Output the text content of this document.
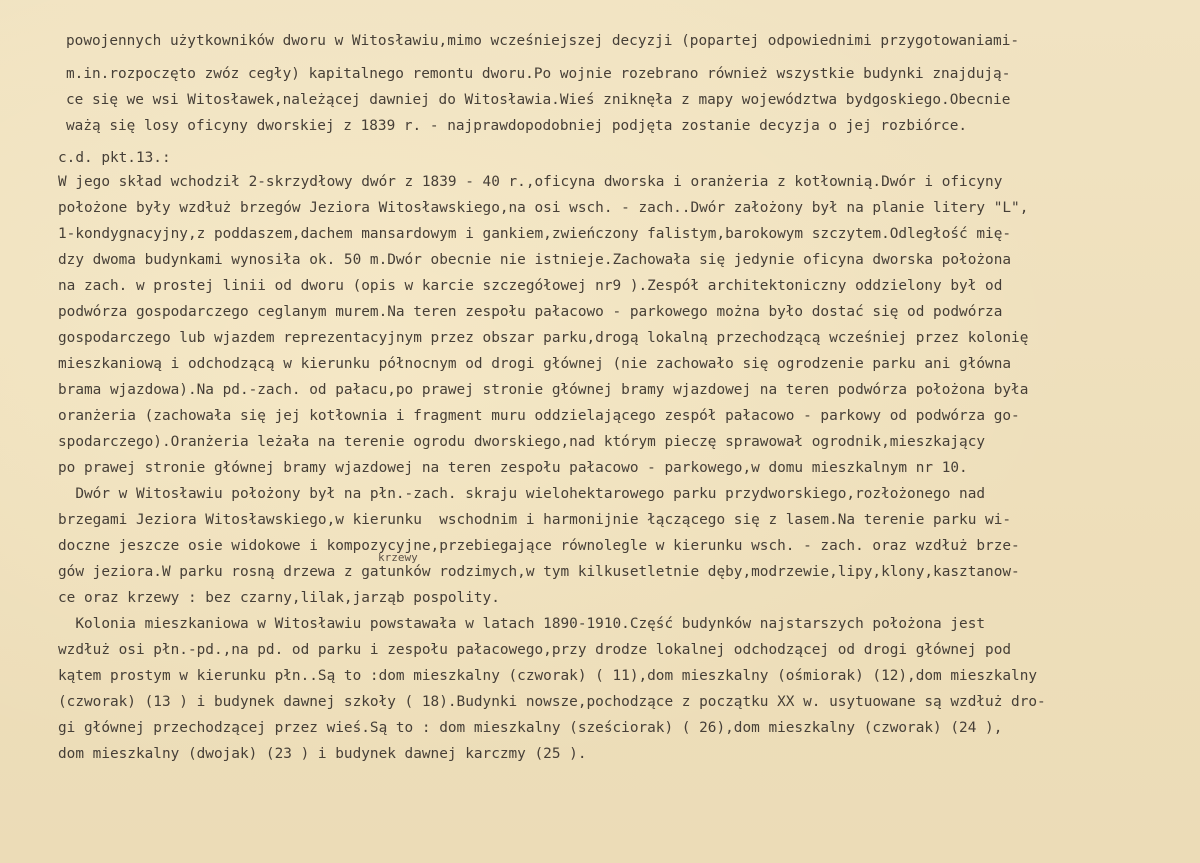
powojennych użytkowników dworu w Witosławiu,mimo wcześniejszej decyzji (popartej odpowiednimi przygotowaniami-
m.in.rozpoczęto zwóz cegły) kapitalnego remontu dworu.Po wojnie rozebrano również wszystkie budynki znajdują-
ce się we wsi Witosławek,należącej dawniej do Witosławia.Wieś zniknęła z mapy województwa bydgoskiego.Obecnie
ważą się losy oficyny dworskiej z 1839 r. - najprawdopodobniej podjęta zostanie decyzja o jej rozbiórce.
c.d. pkt.13.:
W jego skład wchodził 2-skrzydłowy dwór z 1839 - 40 r.,oficyna dworska i oranżeria z kotłownią.Dwór i oficyny
położone były wzdłuż brzegów Jeziora Witosławskiego,na osi wsch. - zach..Dwór założony był na planie litery "L",
1-kondygnacyjny,z poddaszem,dachem mansardowym i gankiem,zwieńczony falistym,barokowym szczytem.Odległość mię-
dzy dwoma budynkami wynosiła ok. 50 m.Dwór obecnie nie istnieje.Zachowała się jedynie oficyna dworska położona
na zach. w prostej linii od dworu (opis w karcie szczegółowej nr9 ).Zespół architektoniczny oddzielony był od
podwórza gospodarczego ceglanym murem.Na teren zespołu pałacowo - parkowego można było dostać się od podwórza
gospodarczego lub wjazdem reprezentacyjnym przez obszar parku,drogą lokalną przechodzącą wcześniej przez kolonię
mieszkaniową i odchodzącą w kierunku północnym od drogi głównej (nie zachowało się ogrodzenie parku ani główna
brama wjazdowa).Na pd.-zach. od pałacu,po prawej stronie głównej bramy wjazdowej na teren podwórza położona była
oranżeria (zachowała się jej kotłownia i fragment muru oddzielającego zespół pałacowo - parkowy od podwórza go-
spodarczego).Oranżeria leżała na terenie ogrodu dworskiego,nad którym pieczę sprawował ogrodnik,mieszkający
po prawej stronie głównej bramy wjazdowej na teren zespołu pałacowo - parkowego,w domu mieszkalnym nr 10.
Dwór w Witosławiu położony był na płn.-zach. skraju wielohektarowego parku przydworskiego,rozłożonego nad
brzegami Jeziora Witosławskiego,w kierunku  wschodnim i harmonijnie łączącego się z lasem.Na terenie parku wi-
doczne jeszcze osie widokowe i kompozycyjne,przebiegające równolegle w kierunku wsch. - zach. oraz wzdłuż brze-
krzewy
gów jeziora.W parku rosną drzewa z gatunków rodzimych,w tym kilkusetletnie dęby,modrzewie,lipy,klony,kasztanow-
ce oraz krzewy : bez czarny,lilak,jarząb pospolity.
Kolonia mieszkaniowa w Witosławiu powstawała w latach 1890-1910.Część budynków najstarszych położona jest
wzdłuż osi płn.-pd.,na pd. od parku i zespołu pałacowego,przy drodze lokalnej odchodzącej od drogi głównej pod
kątem prostym w kierunku płn..Są to :dom mieszkalny (czworak) ( 11),dom mieszkalny (ośmiorak) (12),dom mieszkalny
(czworak) (13 ) i budynek dawnej szkoły ( 18).Budynki nowsze,pochodzące z początku XX w. usytuowane są wzdłuż dro-
gi głównej przechodzącej przez wieś.Są to : dom mieszkalny (sześciorak) ( 26),dom mieszkalny (czworak) (24 ),
dom mieszkalny (dwojak) (23 ) i budynek dawnej karczmy (25 ).
